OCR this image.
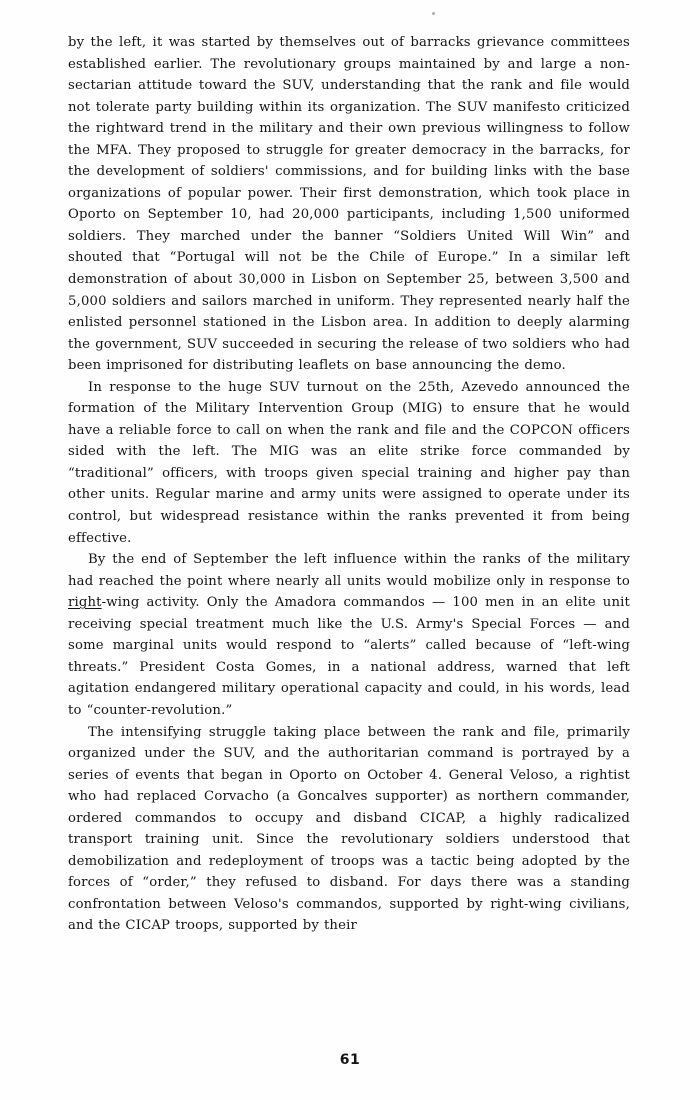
by the left, it was started by themselves out of barracks grievance committees established earlier. The revolutionary groups maintained by and large a non-sectarian attitude toward the SUV, understanding that the rank and file would not tolerate party building within its organization. The SUV manifesto criticized the rightward trend in the military and their own previous willingness to follow the MFA. They proposed to struggle for greater democracy in the barracks, for the development of soldiers' commissions, and for building links with the base organizations of popular power. Their first demonstration, which took place in Oporto on September 10, had 20,000 participants, including 1,500 uniformed soldiers. They marched under the banner “Soldiers United Will Win” and shouted that “Portugal will not be the Chile of Europe.” In a similar left demonstration of about 30,000 in Lisbon on September 25, between 3,500 and 5,000 soldiers and sailors marched in uniform. They represented nearly half the enlisted personnel stationed in the Lisbon area. In addition to deeply alarming the government, SUV succeeded in securing the release of two soldiers who had been imprisoned for distributing leaflets on base announcing the demo.

In response to the huge SUV turnout on the 25th, Azevedo announced the formation of the Military Intervention Group (MIG) to ensure that he would have a reliable force to call on when the rank and file and the COPCON officers sided with the left. The MIG was an elite strike force commanded by “traditional” officers, with troops given special training and higher pay than other units. Regular marine and army units were assigned to operate under its control, but widespread resistance within the ranks prevented it from being effective.

By the end of September the left influence within the ranks of the military had reached the point where nearly all units would mobilize only in response to right-wing activity. Only the Amadora commandos — 100 men in an elite unit receiving special treatment much like the U.S. Army's Special Forces — and some marginal units would respond to “alerts” called because of “left-wing threats.” President Costa Gomes, in a national address, warned that left agitation endangered military operational capacity and could, in his words, lead to “counter-revolution.”

The intensifying struggle taking place between the rank and file, primarily organized under the SUV, and the authoritarian command is portrayed by a series of events that began in Oporto on October 4. General Veloso, a rightist who had replaced Corvacho (a Goncalves supporter) as northern commander, ordered commandos to occupy and disband CICAP, a highly radicalized transport training unit. Since the revolutionary soldiers understood that demobilization and redeployment of troops was a tactic being adopted by the forces of “order,” they refused to disband. For days there was a standing confrontation between Veloso's commandos, supported by right-wing civilians, and the CICAP troops, supported by their

61
